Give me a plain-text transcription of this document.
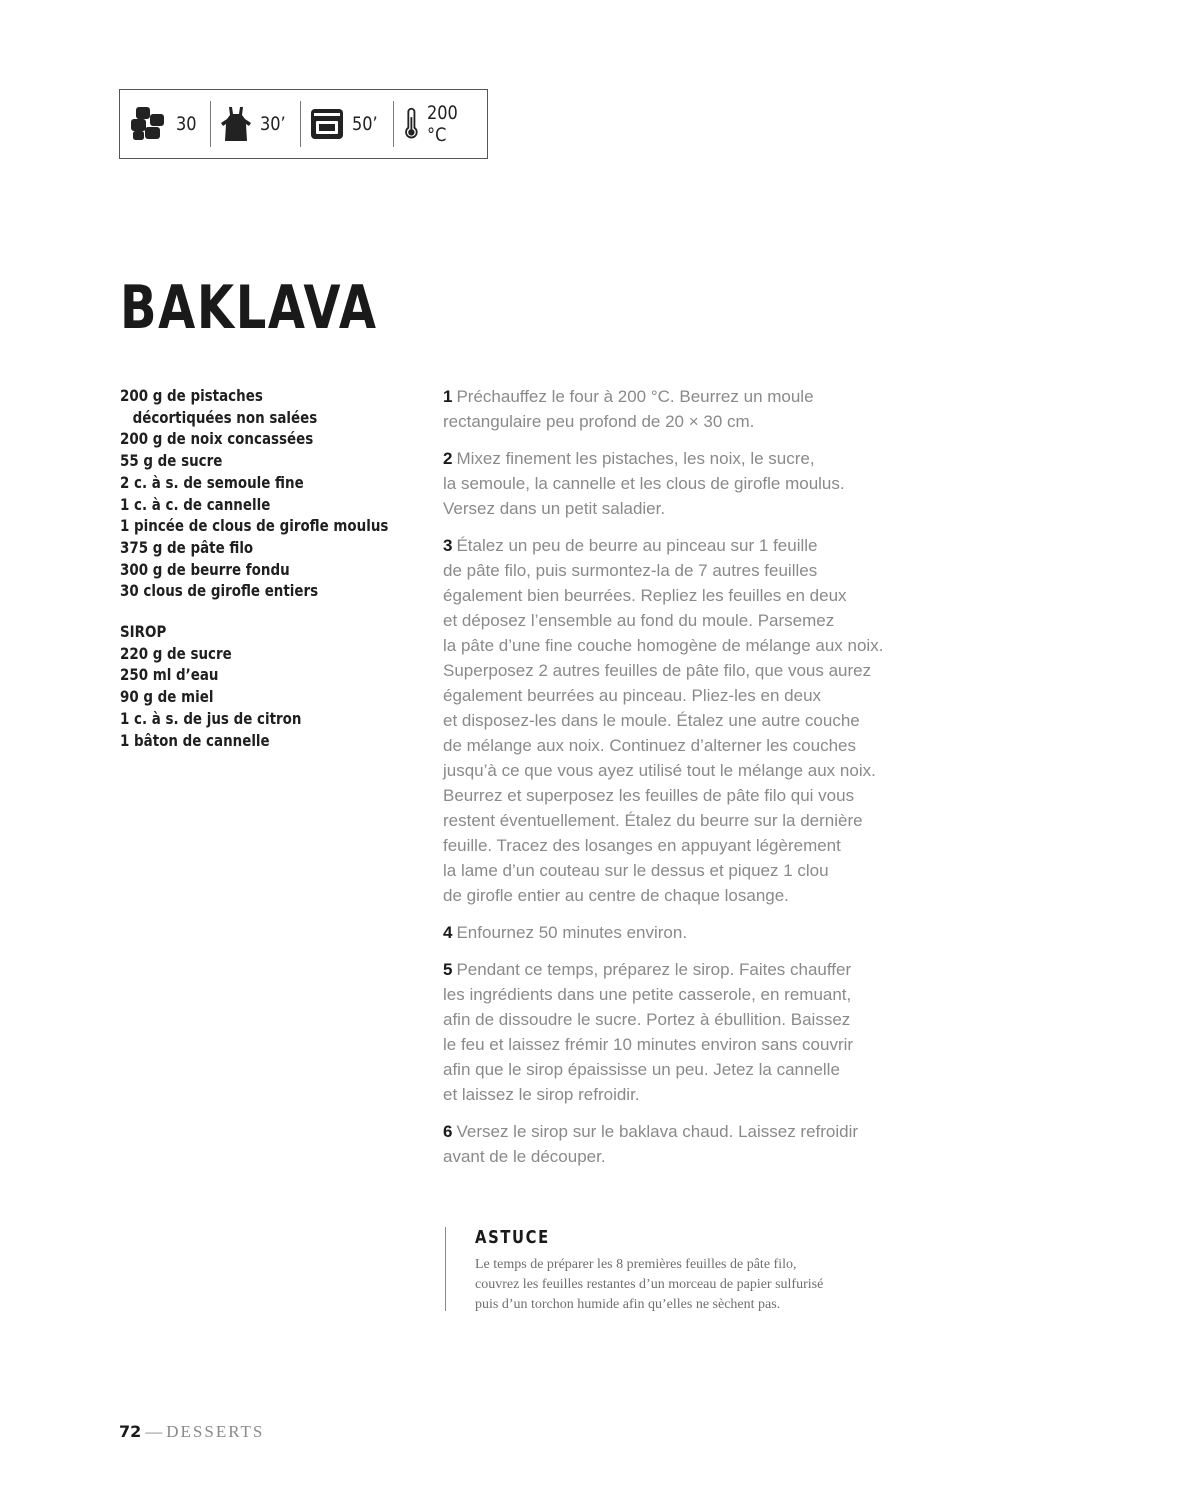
30	30’	50’	200 °C
BAKLAVA
200 g de pistaches
décortiquées non salées
200 g de noix concassées
55 g de sucre
2 c. à s. de semoule fine
1 c. à c. de cannelle
1 pincée de clous de girofle moulus
375 g de pâte filo
300 g de beurre fondu
30 clous de girofle entiers
SIROP
220 g de sucre
250 ml d’eau
90 g de miel
1 c. à s. de jus de citron
1 bâton de cannelle
1 Préchauffez le four à 200 °C. Beurrez un moule
rectangulaire peu profond de 20 × 30 cm.
2 Mixez finement les pistaches, les noix, le sucre,
la semoule, la cannelle et les clous de girofle moulus.
Versez dans un petit saladier.
3 Étalez un peu de beurre au pinceau sur 1 feuille
de pâte filo, puis surmontez-la de 7 autres feuilles
également bien beurrées. Repliez les feuilles en deux
et déposez l’ensemble au fond du moule. Parsemez
la pâte d’une fine couche homogène de mélange aux noix.
Superposez 2 autres feuilles de pâte filo, que vous aurez
également beurrées au pinceau. Pliez-les en deux
et disposez-les dans le moule. Étalez une autre couche
de mélange aux noix. Continuez d’alterner les couches
jusqu’à ce que vous ayez utilisé tout le mélange aux noix.
Beurrez et superposez les feuilles de pâte filo qui vous
restent éventuellement. Étalez du beurre sur la dernière
feuille. Tracez des losanges en appuyant légèrement
la lame d’un couteau sur le dessus et piquez 1 clou
de girofle entier au centre de chaque losange.
4 Enfournez 50 minutes environ.
5 Pendant ce temps, préparez le sirop. Faites chauffer
les ingrédients dans une petite casserole, en remuant,
afin de dissoudre le sucre. Portez à ébullition. Baissez
le feu et laissez frémir 10 minutes environ sans couvrir
afin que le sirop épaississe un peu. Jetez la cannelle
et laissez le sirop refroidir.
6 Versez le sirop sur le baklava chaud. Laissez refroidir
avant de le découper.
ASTUCE
Le temps de préparer les 8 premières feuilles de pâte filo,
couvrez les feuilles restantes d’un morceau de papier sulfurisé
puis d’un torchon humide afin qu’elles ne sèchent pas.
72 — DESSERTS
